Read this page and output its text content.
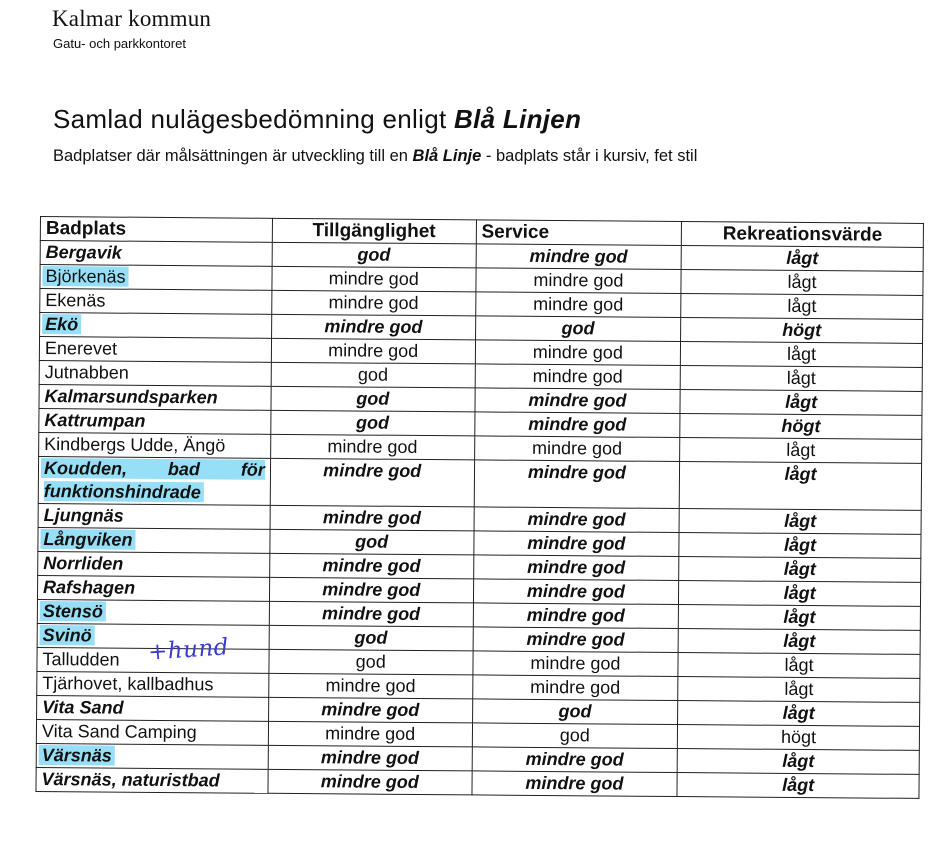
Kalmar kommun
Gatu- och parkkontoret
Samlad nulägesbedömning enligt Blå Linjen
Badplatser där målsättningen är utveckling till en Blå Linje - badplats står i kursiv, fet stil
Badplats	Tillgänglighet	Service	Rekreationsvärde
Bergavik	god	mindre god	lågt
Björkenäs	mindre god	mindre god	lågt
Ekenäs	mindre god	mindre god	lågt
Ekö	mindre god	god	högt
Enerevet	mindre god	mindre god	lågt
Jutnabben	god	mindre god	lågt
Kalmarsundsparken	god	mindre god	lågt
Kattrumpan	god	mindre god	högt
Kindbergs Udde, Ängö	mindre god	mindre god	lågt
Koudden, bad för funktionshindrade	mindre god	mindre god	lågt
Ljungnäs	mindre god	mindre god	lågt
Långviken	god	mindre god	lågt
Norrliden	mindre god	mindre god	lågt
Rafshagen	mindre god	mindre god	lågt
Stensö	mindre god	mindre god	lågt
Svinö	god	mindre god	lågt
Talludden	god	mindre god	lågt
Tjärhovet, kallbadhus	mindre god	mindre god	lågt
Vita Sand	mindre god	god	lågt
Vita Sand Camping	mindre god	god	högt
Värsnäs	mindre god	mindre god	lågt
Värsnäs, naturistbad	mindre god	mindre god	lågt
+hund
